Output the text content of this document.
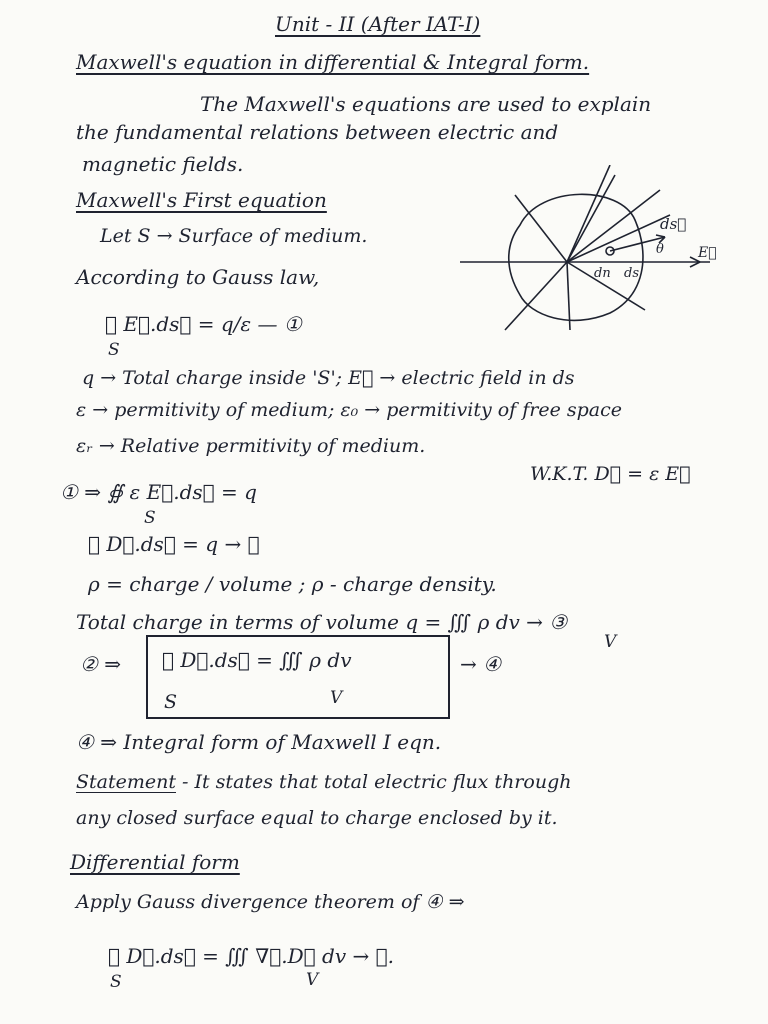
Unit - II (After IAT-I)
Maxwell's equation in differential & Integral form.
The Maxwell's equations are used to explain
the fundamental relations between electric and
magnetic fields.
Maxwell's First equation
Let S → Surface of medium.
According to Gauss law,
∯ E⃗.ds⃗ = q/ε — ①
S
ds⃗
θ E⃗
dn ds
q → Total charge inside 'S'; E⃗ → electric field in ds
ε → permitivity of medium; ε₀ → permitivity of free space
εᵣ → Relative permitivity of medium.
① ⇒ ∯ ε E⃗.ds⃗ = q
S
W.K.T. D⃗ = ε E⃗
∯ D⃗.ds⃗ = q → ②
ρ = charge / volume ; ρ - charge density.
Total charge in terms of volume q = ∭ ρ dv → ③
V
② ⇒ ∯ D⃗.ds⃗ = ∭ ρ dv
S	V
→ ④
④ ⇒ Integral form of Maxwell I eqn.
Statement - It states that total electric flux through
any closed surface equal to charge enclosed by it.
Differential form
Apply Gauss divergence theorem of ④ ⇒
∯ D⃗.ds⃗ = ∭ ∇⃗.D⃗ dv → ⑤.
S	V
